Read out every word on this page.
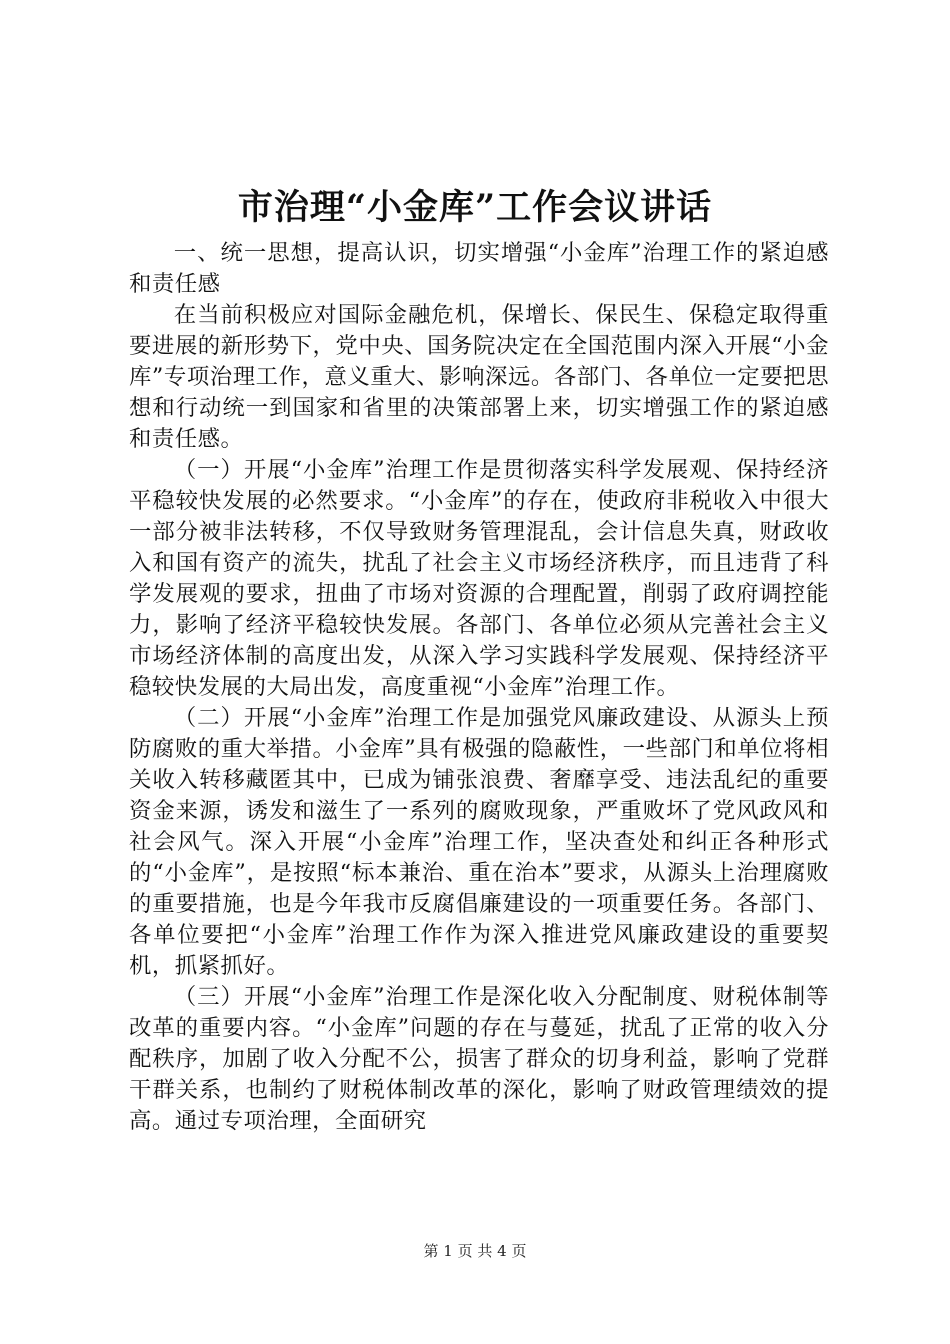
市治理“小金库”工作会议讲话

一、统一思想，提高认识，切实增强“小金库”治理工作的紧迫感和责任感

在当前积极应对国际金融危机，保增长、保民生、保稳定取得重要进展的新形势下，党中央、国务院决定在全国范围内深入开展“小金库”专项治理工作，意义重大、影响深远。各部门、各单位一定要把思想和行动统一到国家和省里的决策部署上来，切实增强工作的紧迫感和责任感。

（一）开展“小金库”治理工作是贯彻落实科学发展观、保持经济平稳较快发展的必然要求。“小金库”的存在，使政府非税收入中很大一部分被非法转移，不仅导致财务管理混乱，会计信息失真，财政收入和国有资产的流失，扰乱了社会主义市场经济秩序，而且违背了科学发展观的要求，扭曲了市场对资源的合理配置，削弱了政府调控能力，影响了经济平稳较快发展。各部门、各单位必须从完善社会主义市场经济体制的高度出发，从深入学习实践科学发展观、保持经济平稳较快发展的大局出发，高度重视“小金库”治理工作。

（二）开展“小金库”治理工作是加强党风廉政建设、从源头上预防腐败的重大举措。小金库”具有极强的隐蔽性，一些部门和单位将相关收入转移藏匿其中，已成为铺张浪费、奢靡享受、违法乱纪的重要资金来源，诱发和滋生了一系列的腐败现象，严重败坏了党风政风和社会风气。深入开展“小金库”治理工作，坚决查处和纠正各种形式的“小金库”，是按照“标本兼治、重在治本”要求，从源头上治理腐败的重要措施，也是今年我市反腐倡廉建设的一项重要任务。各部门、各单位要把“小金库”治理工作作为深入推进党风廉政建设的重要契机，抓紧抓好。

（三）开展“小金库”治理工作是深化收入分配制度、财税体制等改革的重要内容。“小金库”问题的存在与蔓延，扰乱了正常的收入分配秩序，加剧了收入分配不公，损害了群众的切身利益，影响了党群干群关系，也制约了财税体制改革的深化，影响了财政管理绩效的提高。通过专项治理，全面研究

第 1 页 共 4 页
